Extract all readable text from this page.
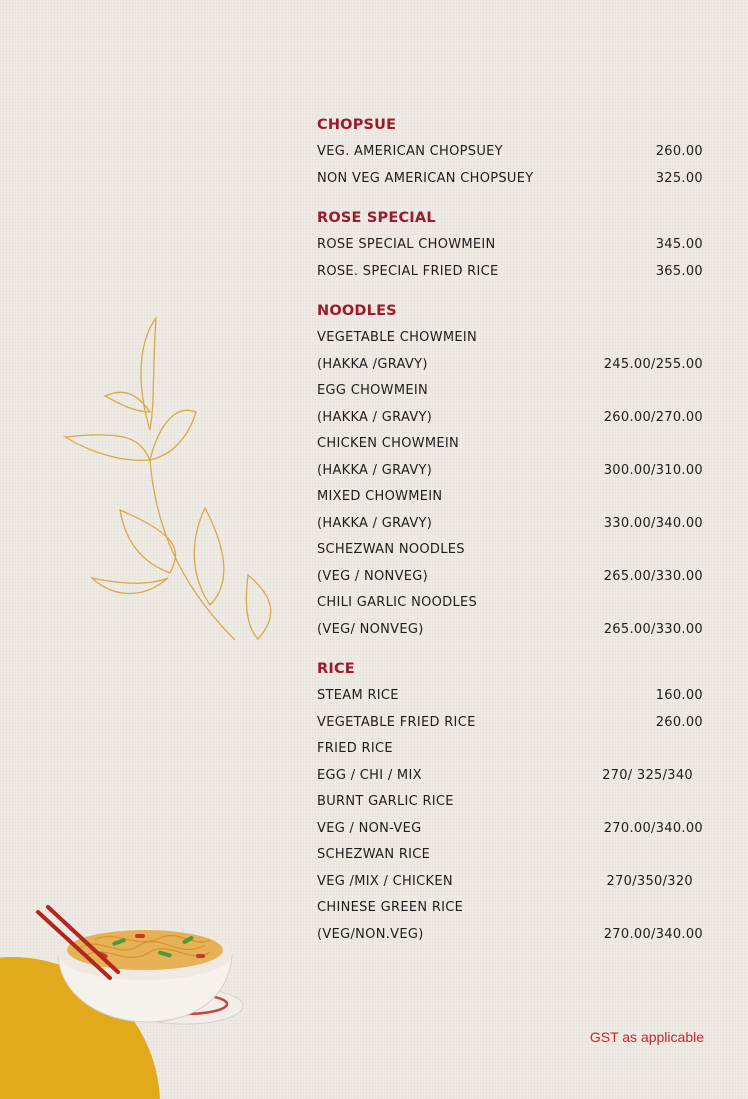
CHOPSUE
VEG. AMERICAN CHOPSUEY	260.00
NON VEG AMERICAN CHOPSUEY	325.00
ROSE SPECIAL
ROSE SPECIAL CHOWMEIN	345.00
ROSE. SPECIAL FRIED RICE	365.00
NOODLES
VEGETABLE CHOWMEIN
(HAKKA /GRAVY)	245.00/255.00
EGG CHOWMEIN
(HAKKA / GRAVY)	260.00/270.00
CHICKEN CHOWMEIN
(HAKKA / GRAVY)	300.00/310.00
MIXED CHOWMEIN
(HAKKA / GRAVY)	330.00/340.00
SCHEZWAN NOODLES
(VEG / NONVEG)	265.00/330.00
CHILI GARLIC NOODLES
(VEG/ NONVEG)	265.00/330.00
RICE
STEAM RICE	160.00
VEGETABLE FRIED RICE	260.00
FRIED RICE
EGG / CHI / MIX	270/ 325/340
BURNT GARLIC RICE
VEG / NON-VEG	270.00/340.00
SCHEZWAN RICE
VEG /MIX / CHICKEN	270/350/320
CHINESE GREEN RICE
(VEG/NON.VEG)	270.00/340.00
GST as applicable
